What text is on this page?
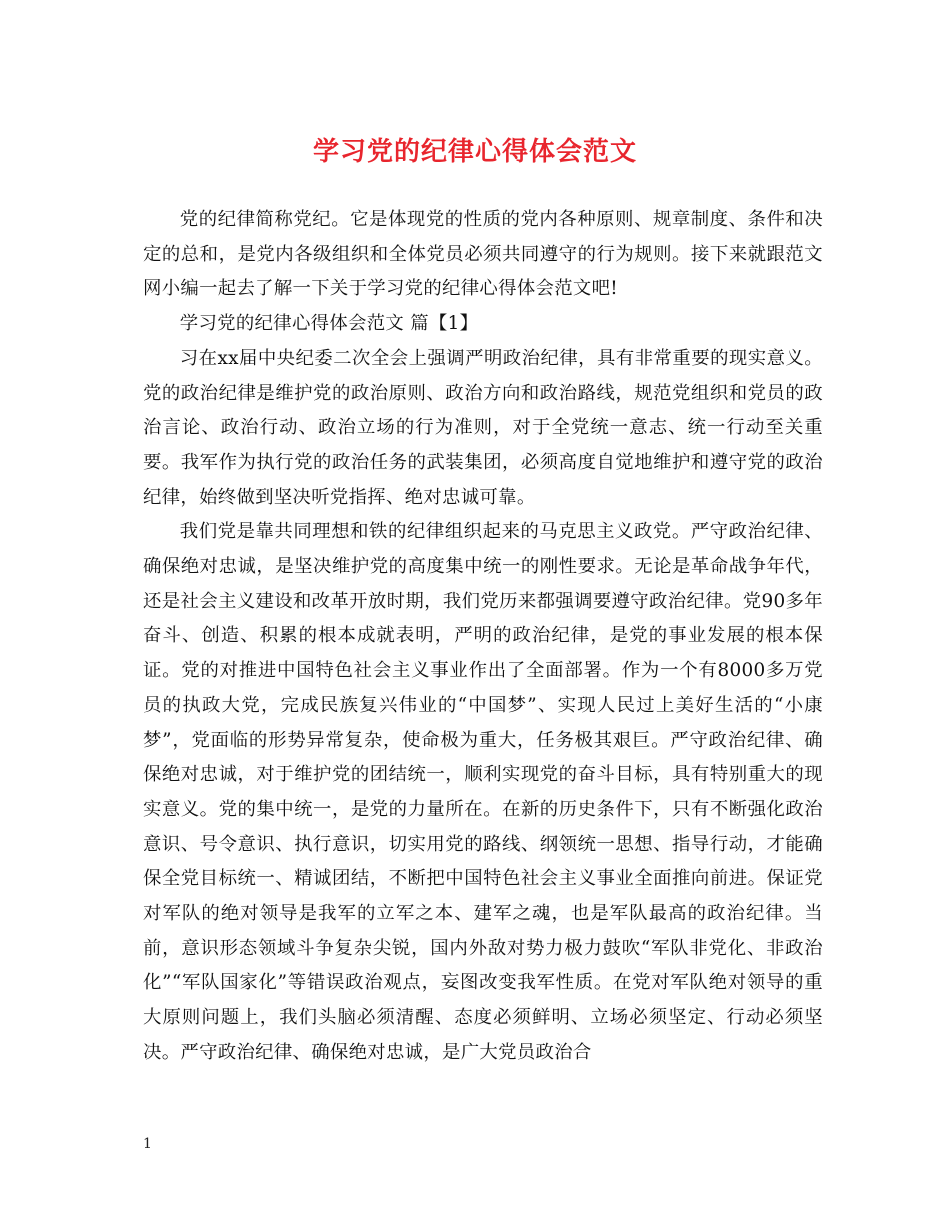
学习党的纪律心得体会范文

党的纪律简称党纪。它是体现党的性质的党内各种原则、规章制度、条件和决定的总和，是党内各级组织和全体党员必须共同遵守的行为规则。接下来就跟范文网小编一起去了解一下关于学习党的纪律心得体会范文吧!

学习党的纪律心得体会范文 篇【1】

习在xx届中央纪委二次全会上强调严明政治纪律，具有非常重要的现实意义。党的政治纪律是维护党的政治原则、政治方向和政治路线，规范党组织和党员的政治言论、政治行动、政治立场的行为准则，对于全党统一意志、统一行动至关重要。我军作为执行党的政治任务的武装集团，必须高度自觉地维护和遵守党的政治纪律，始终做到坚决听党指挥、绝对忠诚可靠。

我们党是靠共同理想和铁的纪律组织起来的马克思主义政党。严守政治纪律、确保绝对忠诚，是坚决维护党的高度集中统一的刚性要求。无论是革命战争年代，还是社会主义建设和改革开放时期，我们党历来都强调要遵守政治纪律。党90多年奋斗、创造、积累的根本成就表明，严明的政治纪律，是党的事业发展的根本保证。党的对推进中国特色社会主义事业作出了全面部署。作为一个有8000多万党员的执政大党，完成民族复兴伟业的“中国梦”、实现人民过上美好生活的“小康梦”，党面临的形势异常复杂，使命极为重大，任务极其艰巨。严守政治纪律、确保绝对忠诚，对于维护党的团结统一，顺利实现党的奋斗目标，具有特别重大的现实意义。党的集中统一，是党的力量所在。在新的历史条件下，只有不断强化政治意识、号令意识、执行意识，切实用党的路线、纲领统一思想、指导行动，才能确保全党目标统一、精诚团结，不断把中国特色社会主义事业全面推向前进。保证党对军队的绝对领导是我军的立军之本、建军之魂，也是军队最高的政治纪律。当前，意识形态领域斗争复杂尖锐，国内外敌对势力极力鼓吹“军队非党化、非政治化”“军队国家化”等错误政治观点，妄图改变我军性质。在党对军队绝对领导的重大原则问题上，我们头脑必须清醒、态度必须鲜明、立场必须坚定、行动必须坚决。严守政治纪律、确保绝对忠诚，是广大党员政治合

1
